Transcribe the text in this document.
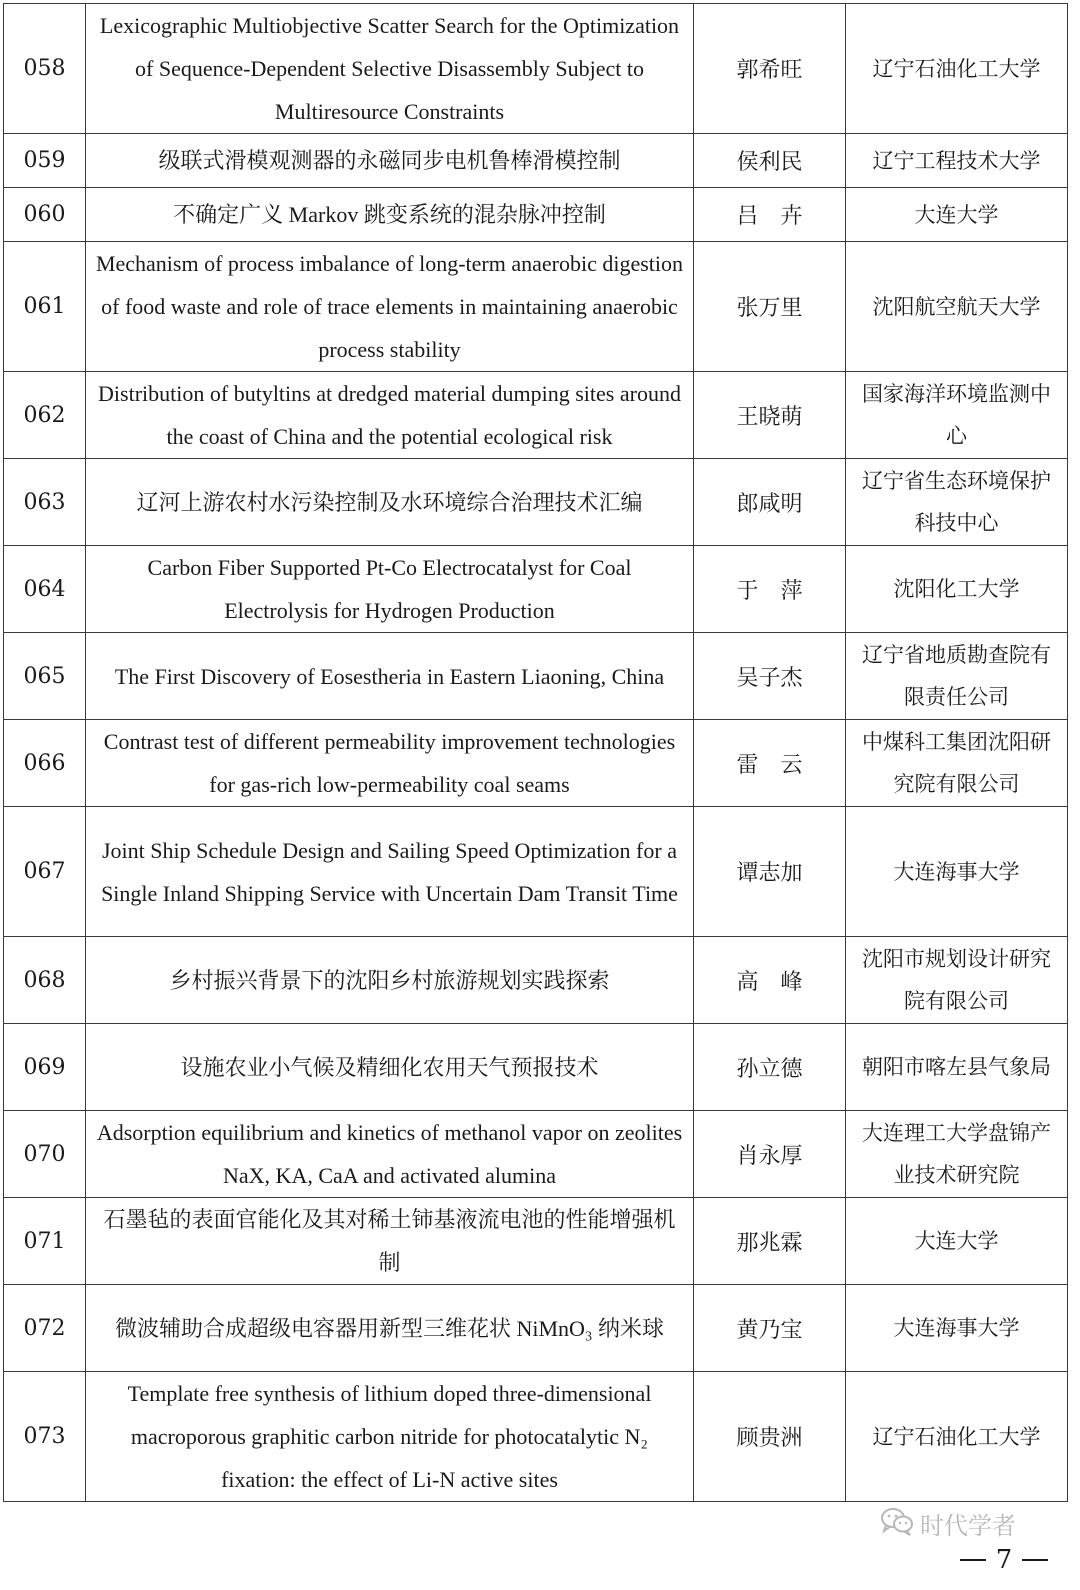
058	Lexicographic Multiobjective Scatter Search for the Optimization of Sequence-Dependent Selective Disassembly Subject to Multiresource Constraints	郭希旺	辽宁石油化工大学
059	级联式滑模观测器的永磁同步电机鲁棒滑模控制	侯利民	辽宁工程技术大学
060	不确定广义 Markov 跳变系统的混杂脉冲控制	吕　卉	大连大学
061	Mechanism of process imbalance of long-term anaerobic digestion of food waste and role of trace elements in maintaining anaerobic process stability	张万里	沈阳航空航天大学
062	Distribution of butyltins at dredged material dumping sites around the coast of China and the potential ecological risk	王晓萌	国家海洋环境监测中心
063	辽河上游农村水污染控制及水环境综合治理技术汇编	郎咸明	辽宁省生态环境保护科技中心
064	Carbon Fiber Supported Pt-Co Electrocatalyst for Coal Electrolysis for Hydrogen Production	于　萍	沈阳化工大学
065	The First Discovery of Eosestheria in Eastern Liaoning, China	吴子杰	辽宁省地质勘查院有限责任公司
066	Contrast test of different permeability improvement technologies for gas-rich low-permeability coal seams	雷　云	中煤科工集团沈阳研究院有限公司
067	Joint Ship Schedule Design and Sailing Speed Optimization for a Single Inland Shipping Service with Uncertain Dam Transit Time	谭志加	大连海事大学
068	乡村振兴背景下的沈阳乡村旅游规划实践探索	高　峰	沈阳市规划设计研究院有限公司
069	设施农业小气候及精细化农用天气预报技术	孙立德	朝阳市喀左县气象局
070	Adsorption equilibrium and kinetics of methanol vapor on zeolites NaX, KA, CaA and activated alumina	肖永厚	大连理工大学盘锦产业技术研究院
071	石墨毡的表面官能化及其对稀土铈基液流电池的性能增强机制	那兆霖	大连大学
072	微波辅助合成超级电容器用新型三维花状 NiMnO₃ 纳米球	黄乃宝	大连海事大学
073	Template free synthesis of lithium doped three-dimensional macroporous graphitic carbon nitride for photocatalytic N₂ fixation: the effect of Li-N active sites	顾贵洲	辽宁石油化工大学
时代学者
7
